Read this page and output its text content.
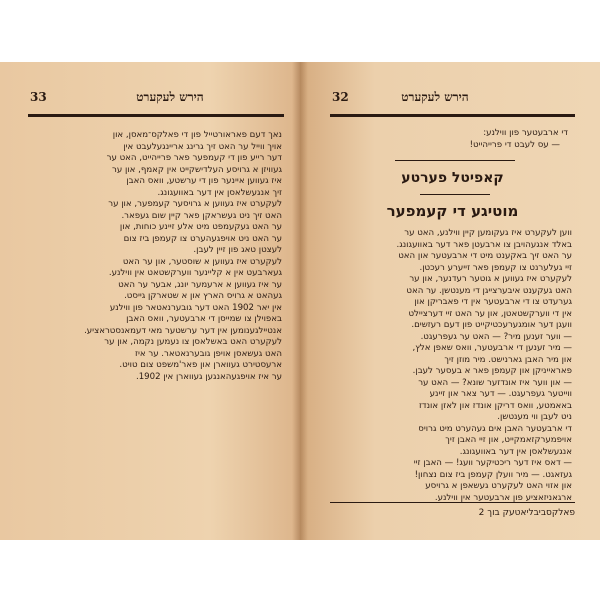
הירש לעקערט
33
נאך דעם פאראורטייל פון די פאלקס־מאסן, און
אויך ווייל ער האט זיך גרינג אריינגעלעבט אין
דער רייע פון די קעמפער פאר פרייהייט, האט ער
געוויזן א גרויסע העלדישקייט אין קאמף, און ער
איז געווען איינער פון די ערשטע, וואס האבן
זיך אנגעשלאסן אין דער באוועגונג.
לעקערט איז געווען א גרויסער קעמפער, און ער
האט זיך ניט געשראקן פאר קיין שום געפאר.
ער האט געקעמפט מיט אלע זיינע כוחות, און
ער האט ניט אויפגעהערט צו קעמפן ביז צום
לעצטן טאג פון זיין לעבן.
לעקערט איז געווען א שוסטער, און ער האט
געארבעט אין א קליינער ווערקשטאט אין ווילנע.
ער איז געווען א ארעמער יונג, אבער ער האט
געהאט א גרויס הארץ און א שטארקן גייסט.
אין יאר 1902 האט דער גובערנאטאר פון ווילנע
באפוילן צו שמייסן די ארבעטער, וואס האבן
אנטיילגענומען אין דער ערשטער מאי דעמאנסטראציע.
לעקערט האט באשלאסן צו נעמען נקמה, און ער
האט געשאסן אויפן גובערנאטאר. ער איז
ארעסטירט געווארן און פאר'משפט צום טויט.
ער איז אויפגעהאנגען געווארן אין 1902.
הירש לעקערט
32
די ארבעטער פון ווילנע:
— עס לעבט די פרייהייט!
קאפיטל פערטע
מוטיגע די קעמפער
ווען לעקערט איז געקומען קיין ווילנע, האט ער
באלד אנגעהויבן צו ארבעטן פאר דער באוועגונג.
ער האט זיך באקענט מיט די ארבעטער און האט
זיי געלערנט צו קעמפן פאר זייערע רעכטן.
לעקערט איז געווען א גוטער רעדנער, און ער
האט געקענט איבערצייגן די מענטשן. ער האט
גערעדט צו די ארבעטער אין די פאבריקן און
אין די ווערקשטאטן, און ער האט זיי דערציילט
וועגן דער אומגערעכטיקייט פון דעם רעזשים.
— ווער זענען מיר? — האט ער געפרעגט.
— מיר זענען די ארבעטער, וואס שאפן אלץ,
און מיר האבן גארנישט. מיר מוזן זיך
פאראייניקן און קעמפן פאר א בעסער לעבן.
— און ווער איז אונדזער שונא? — האט ער
ווייטער געפרעגט. — דער צאר און זיינע
באאמטע, וואס דריקן אונדז און לאזן אונדז
ניט לעבן ווי מענטשן.
די ארבעטער האבן אים געהערט מיט גרויס
אויפמערקזאמקייט, און זיי האבן זיך
אנגעשלאסן אין דער באוועגונג.
— דאס איז דער ריכטיקער וועג! — האבן זיי
געזאגט. — מיר וועלן קעמפן ביז צום נצחון!
און אזוי האט לעקערט געשאפן א גרויסע
ארגאניזאציע פון ארבעטער אין ווילנע.
פאלקסביבליאטעק בוך 2
